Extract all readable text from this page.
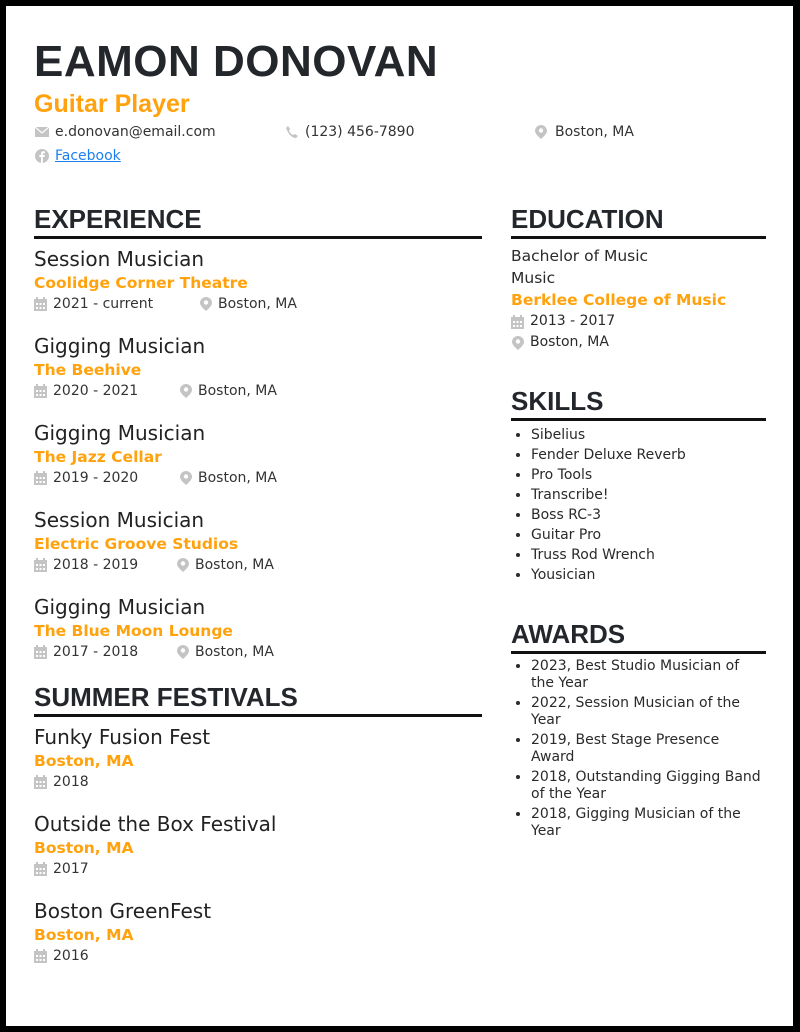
EAMON DONOVAN
Guitar Player
e.donovan@email.com	(123) 456-7890	Boston, MA
Facebook
EXPERIENCE
Session Musician
Coolidge Corner Theatre
2021 - current	Boston, MA
Gigging Musician
The Beehive
2020 - 2021	Boston, MA
Gigging Musician
The Jazz Cellar
2019 - 2020	Boston, MA
Session Musician
Electric Groove Studios
2018 - 2019	Boston, MA
Gigging Musician
The Blue Moon Lounge
2017 - 2018	Boston, MA
SUMMER FESTIVALS
Funky Fusion Fest
Boston, MA
2018
Outside the Box Festival
Boston, MA
2017
Boston GreenFest
Boston, MA
2016
EDUCATION
Bachelor of Music
Music
Berklee College of Music
2013 - 2017
Boston, MA
SKILLS
• Sibelius
• Fender Deluxe Reverb
• Pro Tools
• Transcribe!
• Boss RC-3
• Guitar Pro
• Truss Rod Wrench
• Yousician
AWARDS
• 2023, Best Studio Musician of the Year
• 2022, Session Musician of the Year
• 2019, Best Stage Presence Award
• 2018, Outstanding Gigging Band of the Year
• 2018, Gigging Musician of the Year
